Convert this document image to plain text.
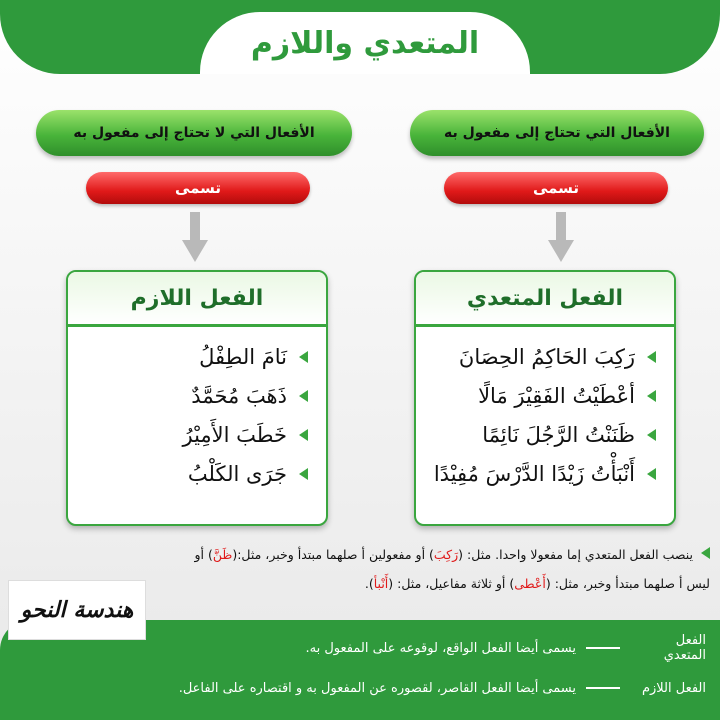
المتعدي واللازم
الأفعال التي تحتاج إلى مفعول به
تسمى
الفعل المتعدي
رَكِبَ الحَاكِمُ الحِصَانَ
أعْطَيْتُ الفَقِيْرَ مَالًا
ظَنَنْتُ الرَّجُلَ نَائِمًا
أَنْبَأْتُ زَيْدًا الدَّرْسَ مُفِيْدًا
الأفعال التي لا تحتاج إلى مفعول به
تسمى
الفعل اللازم
نَامَ الطِفْلُ
ذَهَبَ مُحَمَّدٌ
خَطَبَ الأَمِيْرُ
جَرَى الكَلْبُ
ينصب الفعل المتعدي إما مفعولا واحدا. مثل: (رَكِبَ) أو مفعولين أ صلهما مبتدأ وخبر، مثل:(ظَنَّ) أو
ليس أ صلهما مبتدأ وخبر، مثل: (أَعْطى) أو ثلاثة مفاعيل، مثل: (أَنْبأ).
الفعل المتعدي
يسمى أيضا الفعل الواقع، لوقوعه على المفعول به.
الفعل اللازم
يسمى أيضا الفعل القاصر، لقصوره عن المفعول به و اقتصاره على الفاعل.
هندسة النحو
